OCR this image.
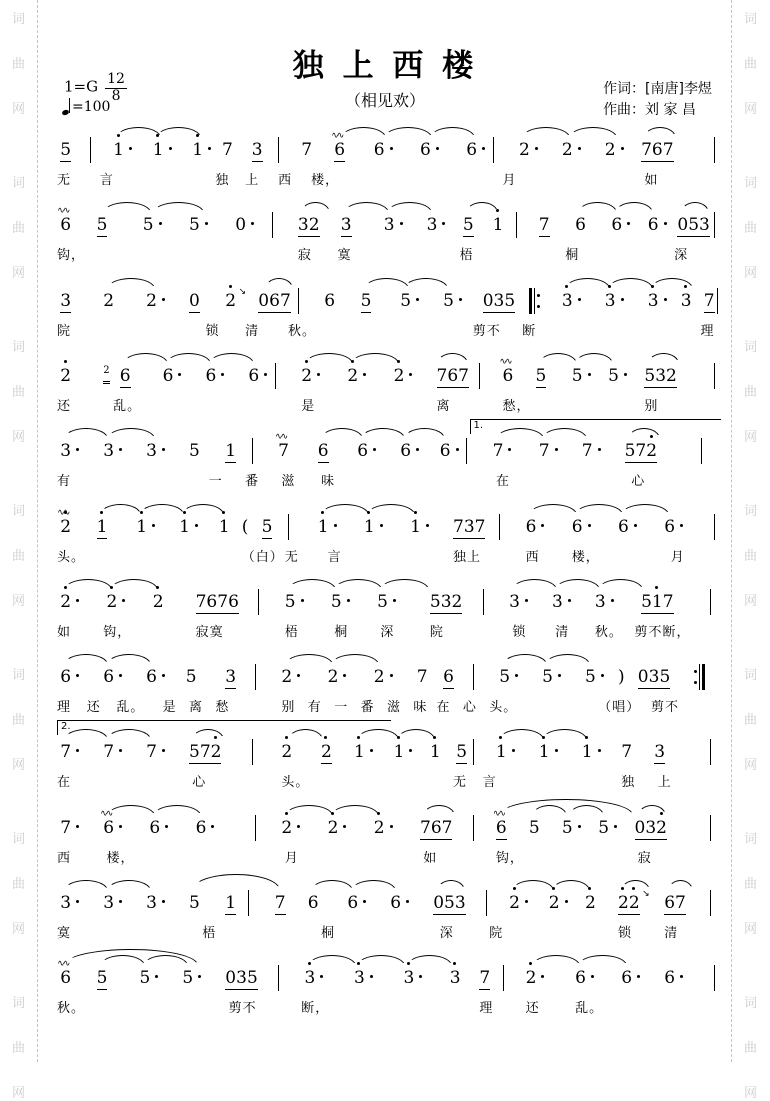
词
曲
网
词
曲
网
词
曲
网
词
曲
网
词
曲
网
词
曲
网
词
曲
网
词
曲
网
词
曲
网
词
曲
网
词
曲
网
词
曲
网
词
曲
网
词
曲
网
独 上 西 楼
（相见欢）
作词：[南唐]李煜
作曲：刘 家 昌
$1=G \frac{12}{8}$
=100
5 1	1	1	7 3 7 6
∿∿
6	6	6	2	2	2	767
无 言	独 上 西 楼，	月	如
6
∿∿
5 5	5	0	32 3 3	3	5 1 7 6 6	6	053
钩，	寂 寞	梧	桐	深
3 2 2	0 2 ↘ 067 6 5 5	5	035	3	3	3	3 7
院	锁 清 秋。	剪不 断	理
2	2 6 6	6	6	2	2	2	767 6
∿∿
5 5	5	532
还	乱。	是	离	愁，	别
1.
3	3	3	5 1 7
∿∿
6 6	6	6	7	7	7	572
有	一 番 滋 味	在	心
2
∿∿
1 1	1	1 ( 5	1	1	1	737 6	6	6	6
头。	（白） 无 言	独上	西 楼，	月
2	2	2 7676	5	5	5	532	3	3	3	51
7
如 钩，	寂寞	梧	桐 深	院	锁 清 秋。 剪不断，
6	6	6	5 3	2	2	2	7 6	5	5	5	) 035
理 还 乱。 是 离 愁	别 有 一 番 滋 味 在 心 头。	（唱） 剪不
2.
7	7	7	572	2 2 1	1	1 5 1	1	1	7 3
在	心	头。	无 言	独 上
7	6
∿∿
6	6	2	2	2	767	6
∿∿
5 5	5	032
西	楼，	月	如	钩，	寂
3	3	3	5 1 7 6 6	6	053	2	2	2 2
2 ↘ 67
寞	梧	桐	深	院	锁 清
6
∿∿
5 5	5	035	3	3	3	3 7 2	6	6	6
秋。	剪不	断，	理 还	乱。
